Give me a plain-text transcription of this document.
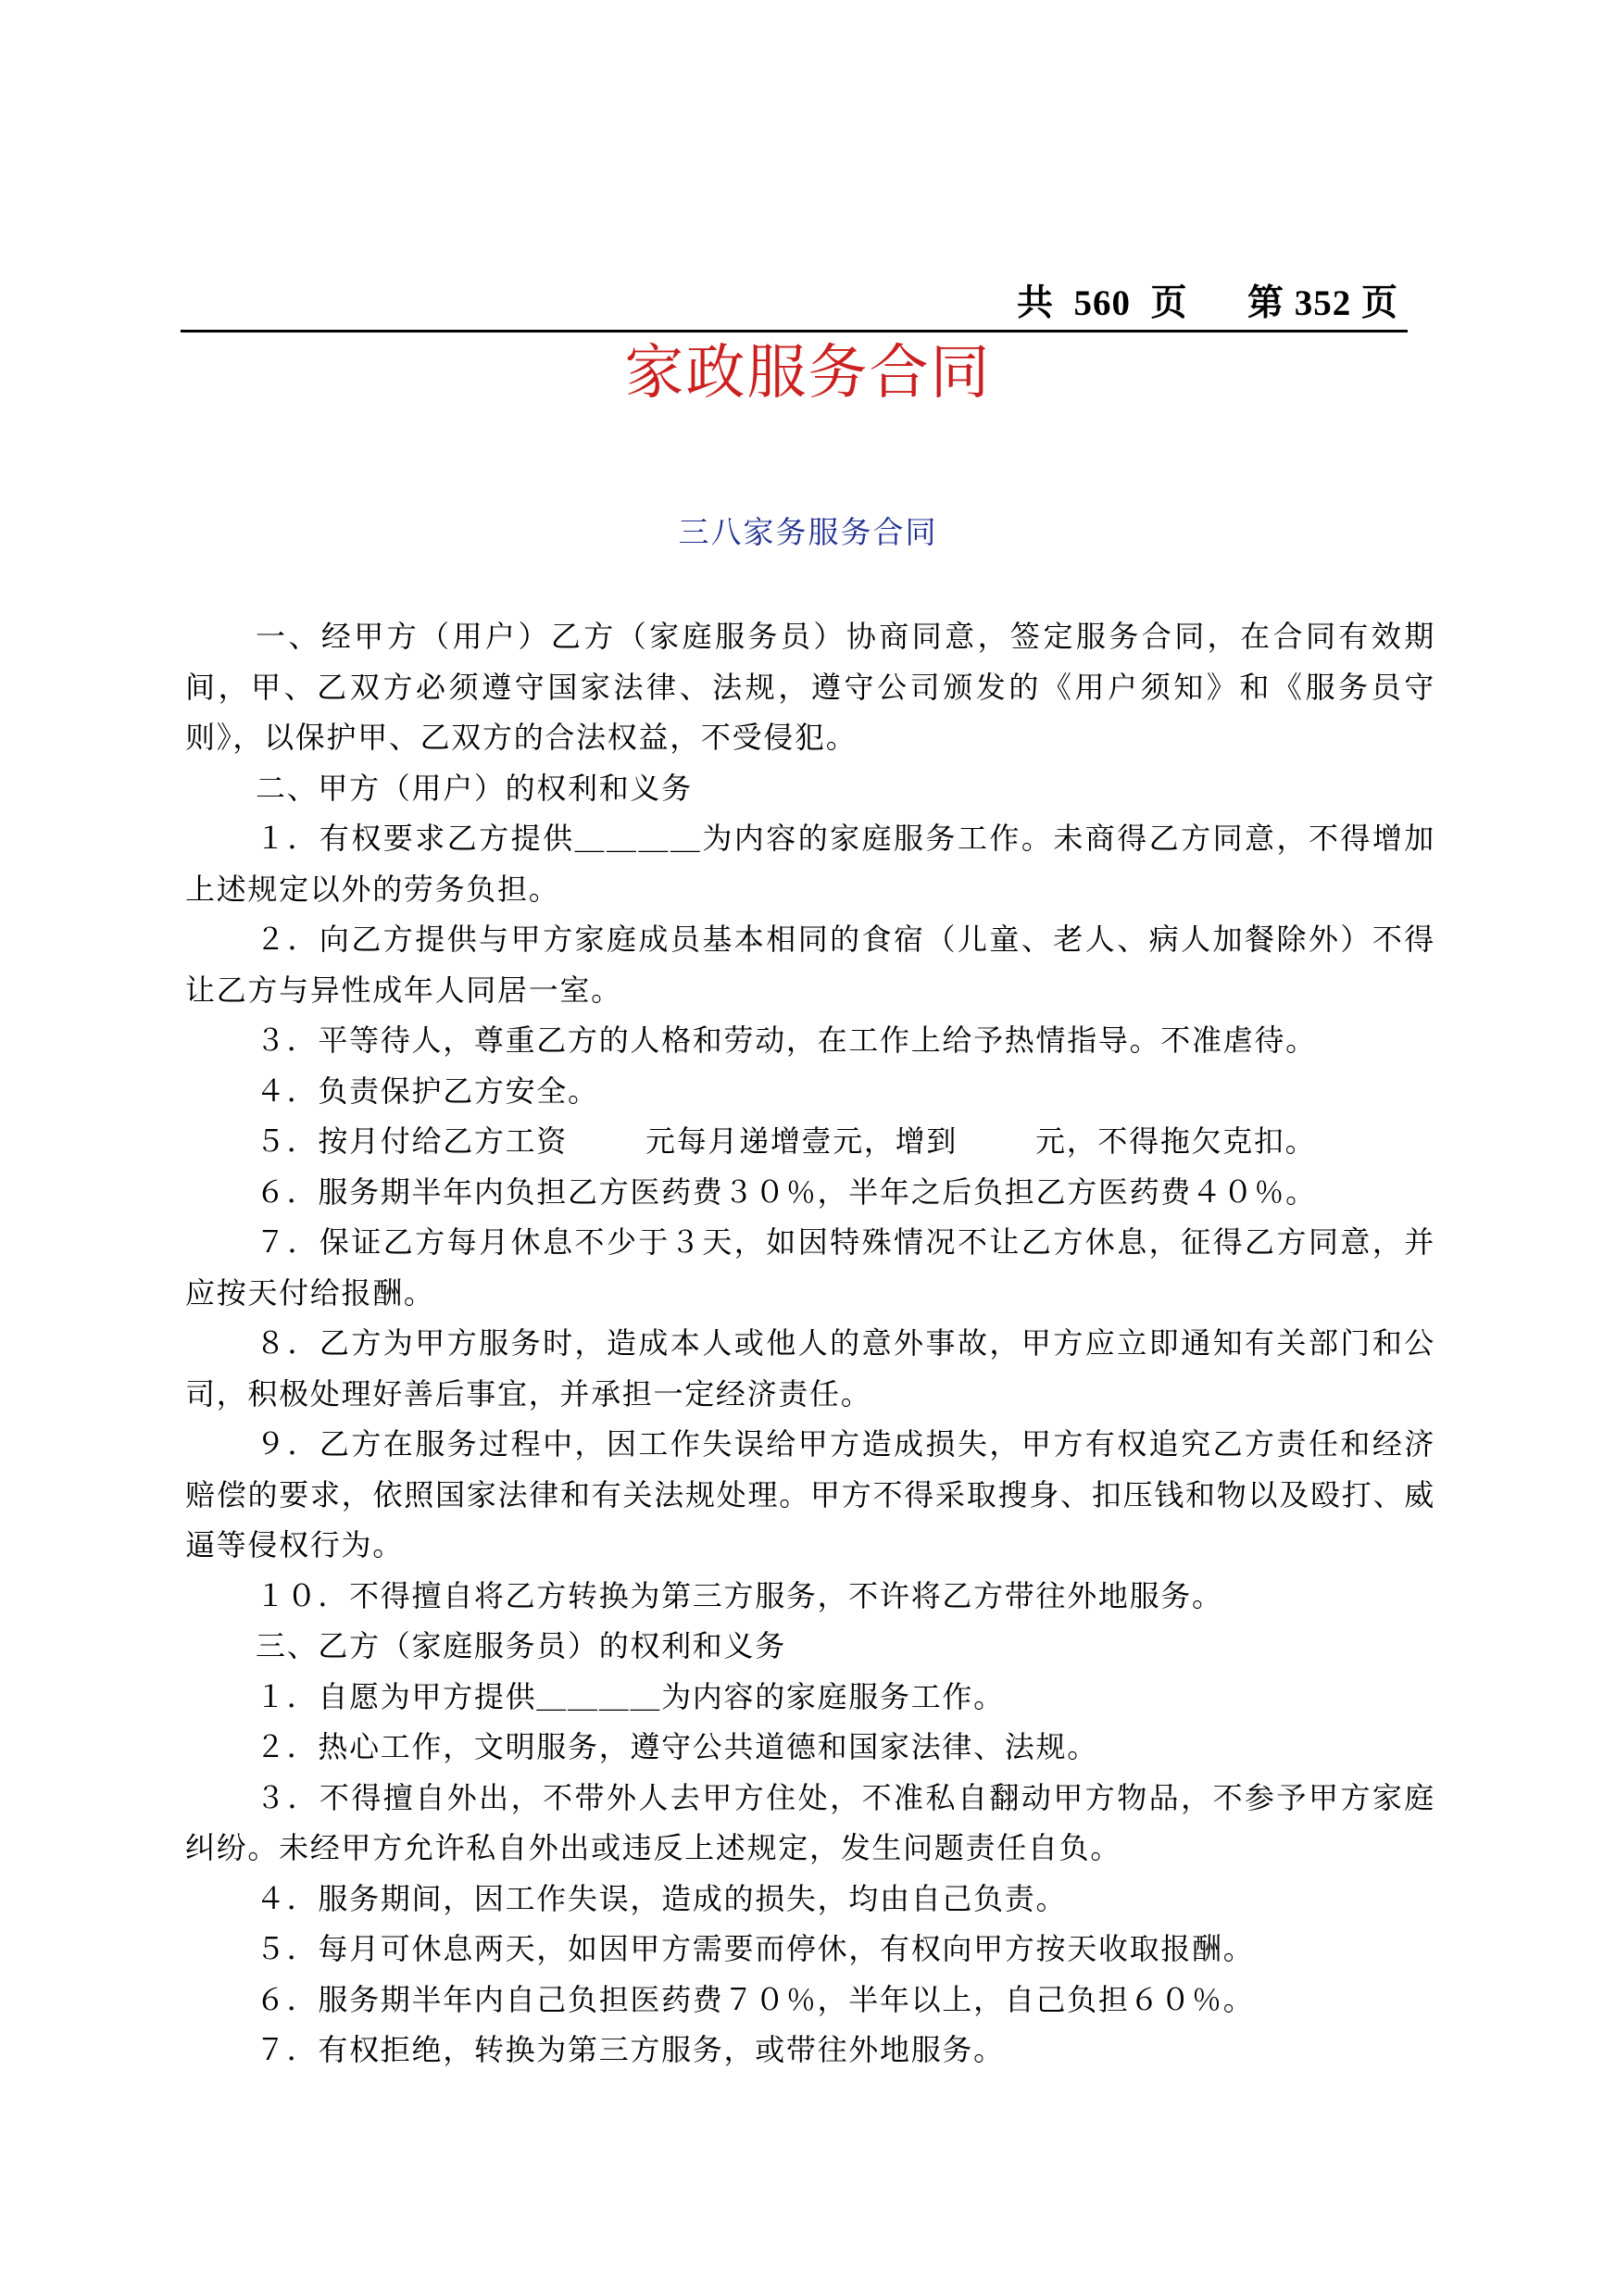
共  560  页      第 352 页
家政服务合同
三八家务服务合同

一、经甲方（用户）乙方（家庭服务员）协商同意，签定服务合同，在合同有效期间，甲、乙双方必须遵守国家法律、法规，遵守公司颁发的《用户须知》和《服务员守则》，以保护甲、乙双方的合法权益，不受侵犯。

二、甲方（用户）的权利和义务

１．有权要求乙方提供＿＿＿＿为内容的家庭服务工作。未商得乙方同意，不得增加上述规定以外的劳务负担。

２．向乙方提供与甲方家庭成员基本相同的食宿（儿童、老人、病人加餐除外）不得让乙方与异性成年人同居一室。

３．平等待人，尊重乙方的人格和劳动，在工作上给予热情指导。不准虐待。

４．负责保护乙方安全。

５．按月付给乙方工资	元每月递增壹元，增到	元，不得拖欠克扣。

６．服务期半年内负担乙方医药费３０％，半年之后负担乙方医药费４０％。

７．保证乙方每月休息不少于３天，如因特殊情况不让乙方休息，征得乙方同意，并应按天付给报酬。

８．乙方为甲方服务时，造成本人或他人的意外事故，甲方应立即通知有关部门和公司，积极处理好善后事宜，并承担一定经济责任。

９．乙方在服务过程中，因工作失误给甲方造成损失，甲方有权追究乙方责任和经济赔偿的要求，依照国家法律和有关法规处理。甲方不得采取搜身、扣压钱和物以及殴打、威逼等侵权行为。

１０．不得擅自将乙方转换为第三方服务，不许将乙方带往外地服务。

三、乙方（家庭服务员）的权利和义务

１．自愿为甲方提供＿＿＿＿为内容的家庭服务工作。

２．热心工作，文明服务，遵守公共道德和国家法律、法规。

３．不得擅自外出，不带外人去甲方住处，不准私自翻动甲方物品，不参予甲方家庭纠纷。未经甲方允许私自外出或违反上述规定，发生问题责任自负。

４．服务期间，因工作失误，造成的损失，均由自己负责。

５．每月可休息两天，如因甲方需要而停休，有权向甲方按天收取报酬。

６．服务期半年内自己负担医药费７０％，半年以上，自己负担６０％。

７．有权拒绝，转换为第三方服务，或带往外地服务。
